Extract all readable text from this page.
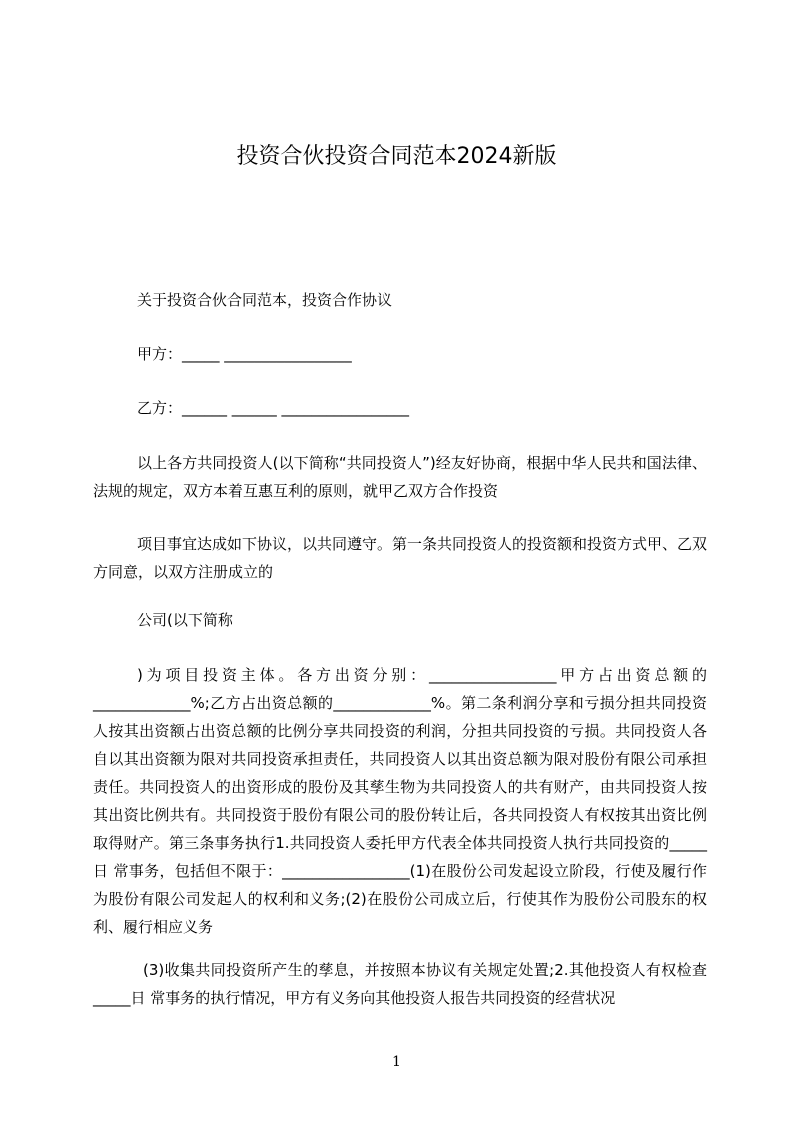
投资合伙投资合同范本2024新版

关于投资合伙合同范本，投资合作协议

甲方：_____ _________________

乙方：______ ______ _________________

以上各方共同投资人(以下简称“共同投资人”)经友好协商，根据中华人民共和国法律、法规的规定，双方本着互惠互利的原则，就甲乙双方合作投资

项目事宜达成如下协议，以共同遵守。第一条共同投资人的投资额和投资方式甲、乙双方同意，以双方注册成立的

公司(以下简称

)为项目投资主体。各方出资分别：_________________甲方占出资总额的_____________%;乙方占出资总额的_____________%。第二条利润分享和亏损分担共同投资人按其出资额占出资总额的比例分享共同投资的利润，分担共同投资的亏损。共同投资人各自以其出资额为限对共同投资承担责任，共同投资人以其出资总额为限对股份有限公司承担责任。共同投资人的出资形成的股份及其孳生物为共同投资人的共有财产，由共同投资人按其出资比例共有。共同投资于股份有限公司的股份转让后，各共同投资人有权按其出资比例取得财产。第三条事务执行1.共同投资人委托甲方代表全体共同投资人执行共同投资的_____日 常事务，包括但不限于：_________________(1)在股份公司发起设立阶段，行使及履行作为股份有限公司发起人的权利和义务;(2)在股份公司成立后，行使其作为股份公司股东的权利、履行相应义务

(3)收集共同投资所产生的孳息，并按照本协议有关规定处置;2.其他投资人有权检查_____日 常事务的执行情况，甲方有义务向其他投资人报告共同投资的经营状况

1
